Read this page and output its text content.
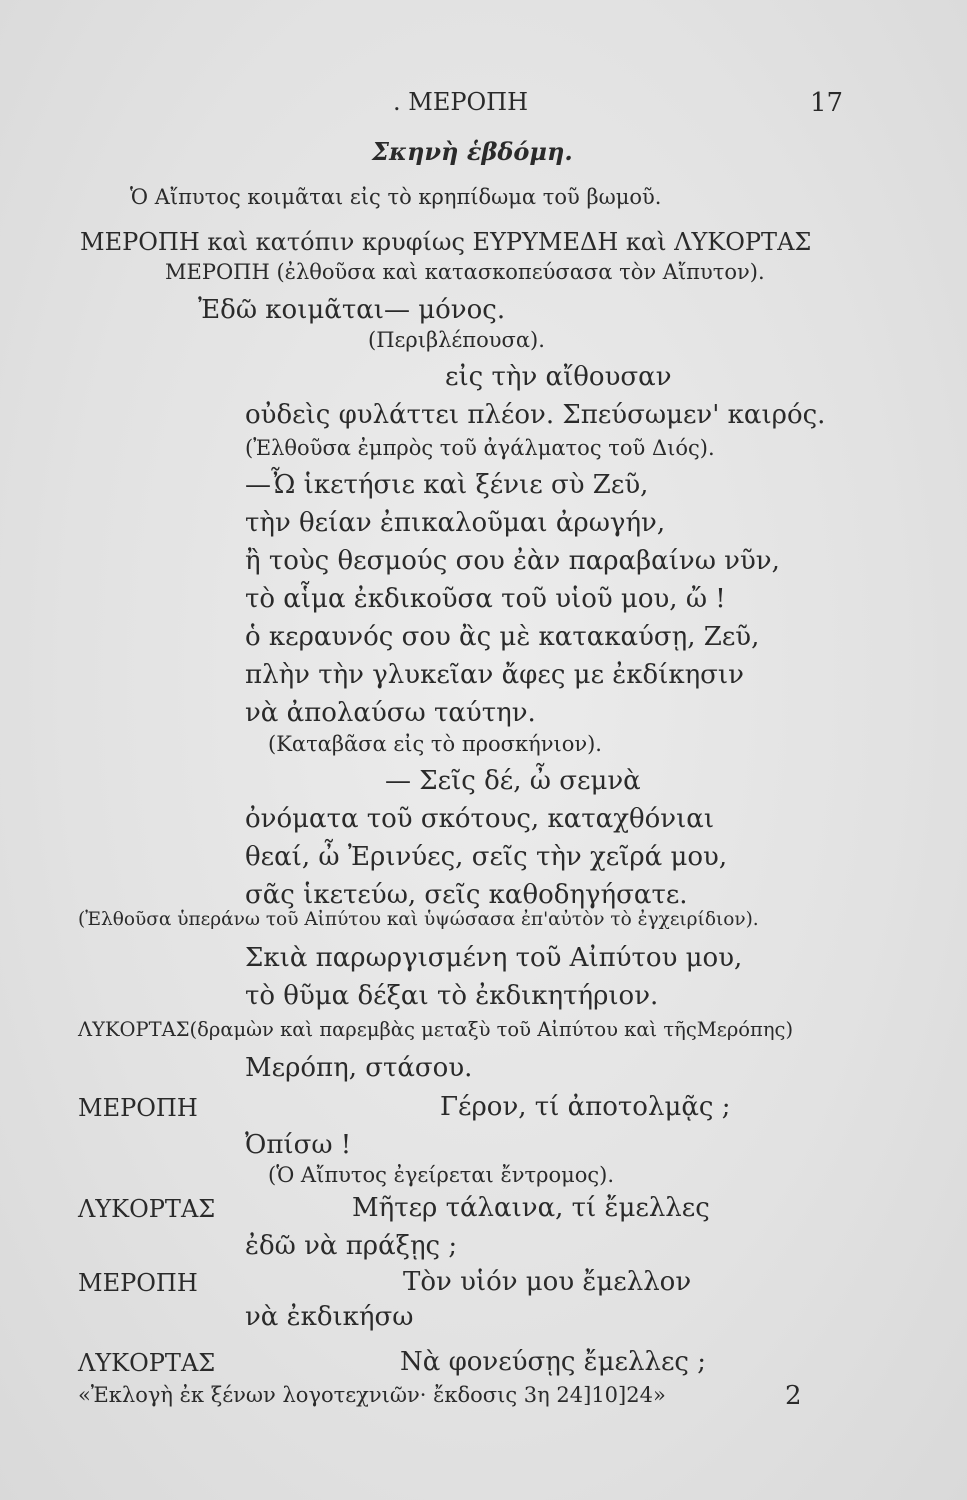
. ΜΕΡΟΠΗ	17
Σκηνὴ ἑβδόμη.
Ὁ Αἴπυτος κοιμᾶται εἰς τὸ κρηπίδωμα τοῦ βωμοῦ.
ΜΕΡΟΠΗ καὶ κατόπιν κρυφίως ΕΥΡΥΜΕΔΗ καὶ ΛΥΚΟΡΤΑΣ
ΜΕΡΟΠΗ (ἐλθοῦσα καὶ κατασκοπεύσασα τὸν Αἴπυτον).
Ἐδῶ κοιμᾶται— μόνος.
(Περιβλέπουσα).
εἰς τὴν αἴθουσαν
οὐδεὶς φυλάττει πλέον. Σπεύσωμεν' καιρός.
(Ἐλθοῦσα ἐμπρὸς τοῦ ἀγάλματος τοῦ Διός).
—Ὦ ἱκετήσιε καὶ ξένιε σὺ Ζεῦ,
τὴν θείαν ἐπικαλοῦμαι ἀρωγήν,
ἢ τοὺς θεσμούς σου ἐὰν παραβαίνω νῦν,
τὸ αἷμα ἐκδικοῦσα τοῦ υἱοῦ μου, ὤ !
ὁ κεραυνός σου ἂς μὲ κατακαύσῃ, Ζεῦ,
πλὴν τὴν γλυκεῖαν ἄφες με ἐκδίκησιν
νὰ ἀπολαύσω ταύτην.
(Καταβᾶσα εἰς τὸ προσκήνιον).
— Σεῖς δέ, ὦ σεμνὰ
ὀνόματα τοῦ σκότους, καταχθόνιαι
θεαί, ὦ Ἐρινύες, σεῖς τὴν χεῖρά μου,
σᾶς ἱκετεύω, σεῖς καθοδηγήσατε.
(Ἐλθοῦσα ὑπεράνω τοῦ Αἰπύτου καὶ ὑψώσασα ἐπ'αὐτὸν τὸ ἐγχειρίδιον).
Σκιὰ παρωργισμένη τοῦ Αἰπύτου μου,
τὸ θῦμα δέξαι τὸ ἐκδικητήριον.
ΛΥΚΟΡΤΑΣ(δραμὼν καὶ παρεμβὰς μεταξὺ τοῦ Αἰπύτου καὶ τῆςΜερόπης)
Μερόπη, στάσου.
ΜΕΡΟΠΗ	Γέρον, τί ἀποτολμᾷς ;
Ὀπίσω !
(Ὁ Αἴπυτος ἐγείρεται ἔντρομος).
ΛΥΚΟΡΤΑΣ	Μῆτερ τάλαινα, τί ἔμελλες
ἐδῶ νὰ πράξῃς ;
ΜΕΡΟΠΗ	Τὸν υἱόν μου ἔμελλον
νὰ ἐκδικήσω
ΛΥΚΟΡΤΑΣ	Νὰ φονεύσῃς ἔμελλες ;
«Ἐκλογὴ ἐκ ξένων λογοτεχνιῶν· ἔκδοσις 3η 24]10]24»	2
